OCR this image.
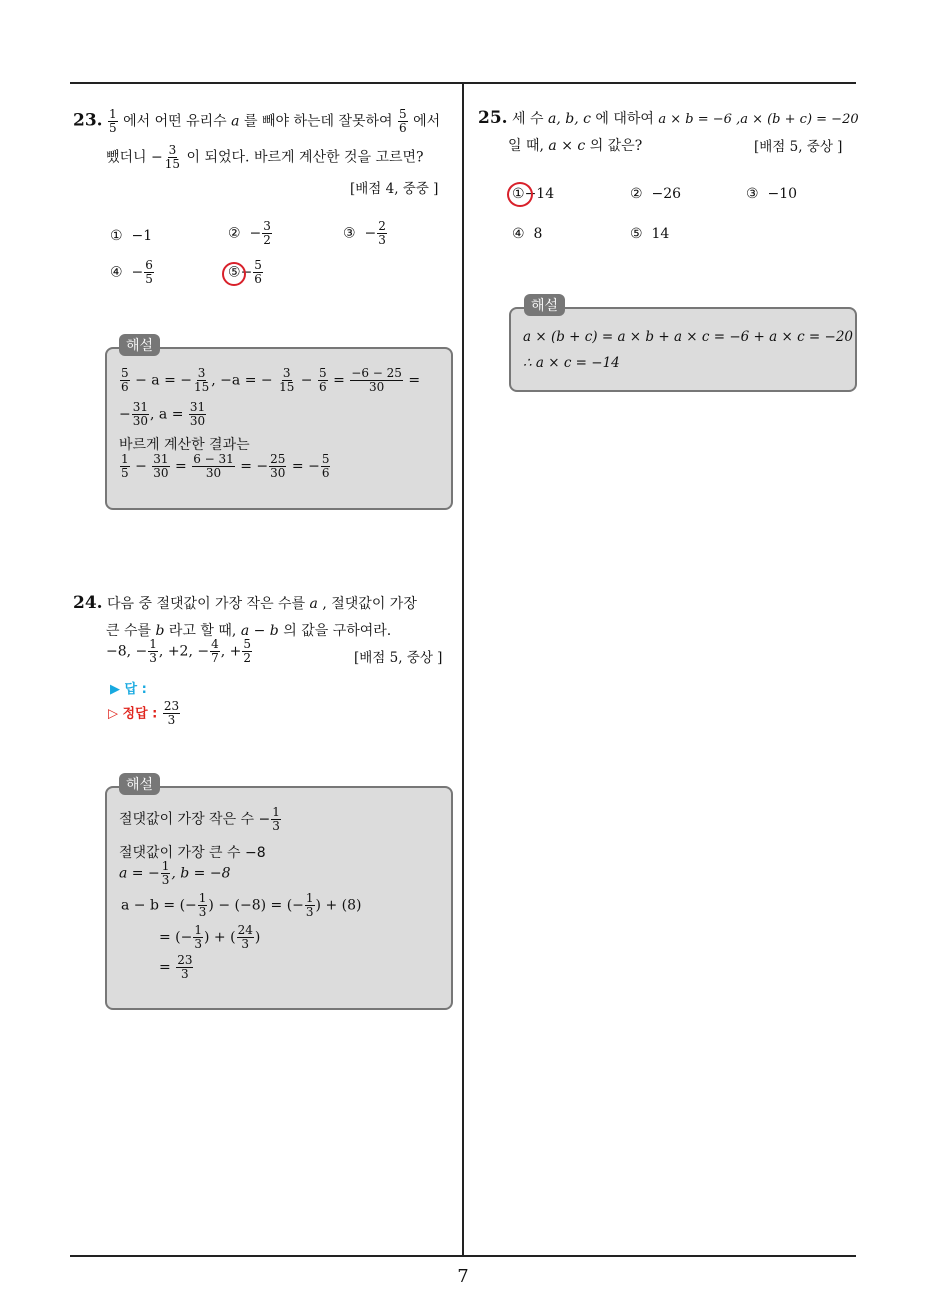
23. $\frac{1}{5}$ 에서 어떤 유리수 a 를 빼야 하는데 잘못하여 $\frac{5}{6}$ 에서
뺐더니 − $\frac{3}{15}$ 이 되었다. 바르게 계산한 것을 고르면?
[배점 4, 중중 ]
① −1	② − $\frac{3}{2}$	③ − $\frac{2}{3}$
④ − $\frac{6}{5}$	⑤− $\frac{5}{6}$
$\frac{5}{6} - a$ = − $\frac{3}{15}$ , −a = − $\frac{3}{15} - \frac{5}{6} = \frac{-6 - 25}{30}$ =
− $\frac{31}{30}$ , $a = \frac{31}{30}$
바르게 계산한 결과는
$\frac{1}{5} - \frac{31}{30} = \frac{6 - 31}{30}$ = − $\frac{25}{30}$ = − $\frac{5}{6}$
해설
24. 다음 중 절댓값이 가장 작은 수를 a , 절댓값이 가장
큰 수를 b 라고 할 때, a − b 의 값을 구하여라.
−8, − $\frac{1}{3}$ , +2, − $\frac{4}{7}$ , + $\frac{5}{2}$	[배점 5, 중상 ]
▶ 답 :
▷ 정답 : $\frac{23}{3}$
절댓값이 가장 작은 수 − $\frac{1}{3}$
절댓값이 가장 큰 수 −8
a = − $\frac{1}{3}$ , b = −8
a − b = (− $\frac{1}{3}$ ) − (−8) = (− $\frac{1}{3}$ ) + (8)
= (− $\frac{1}{3}$ ) + ( $\frac{24}{3}$ )
= $\frac{23}{3}$
해설
25. 세 수 a, b, c 에 대하여 a × b = −6 ,a × (b + c) = −20
일 때, a × c 의 값은?	[배점 5, 중상 ]
①−14	② −26	③ −10
④ 8	⑤ 14
a × (b + c) = a × b + a × c = −6 + a × c = −20
∴ a × c = −14
해설
7
